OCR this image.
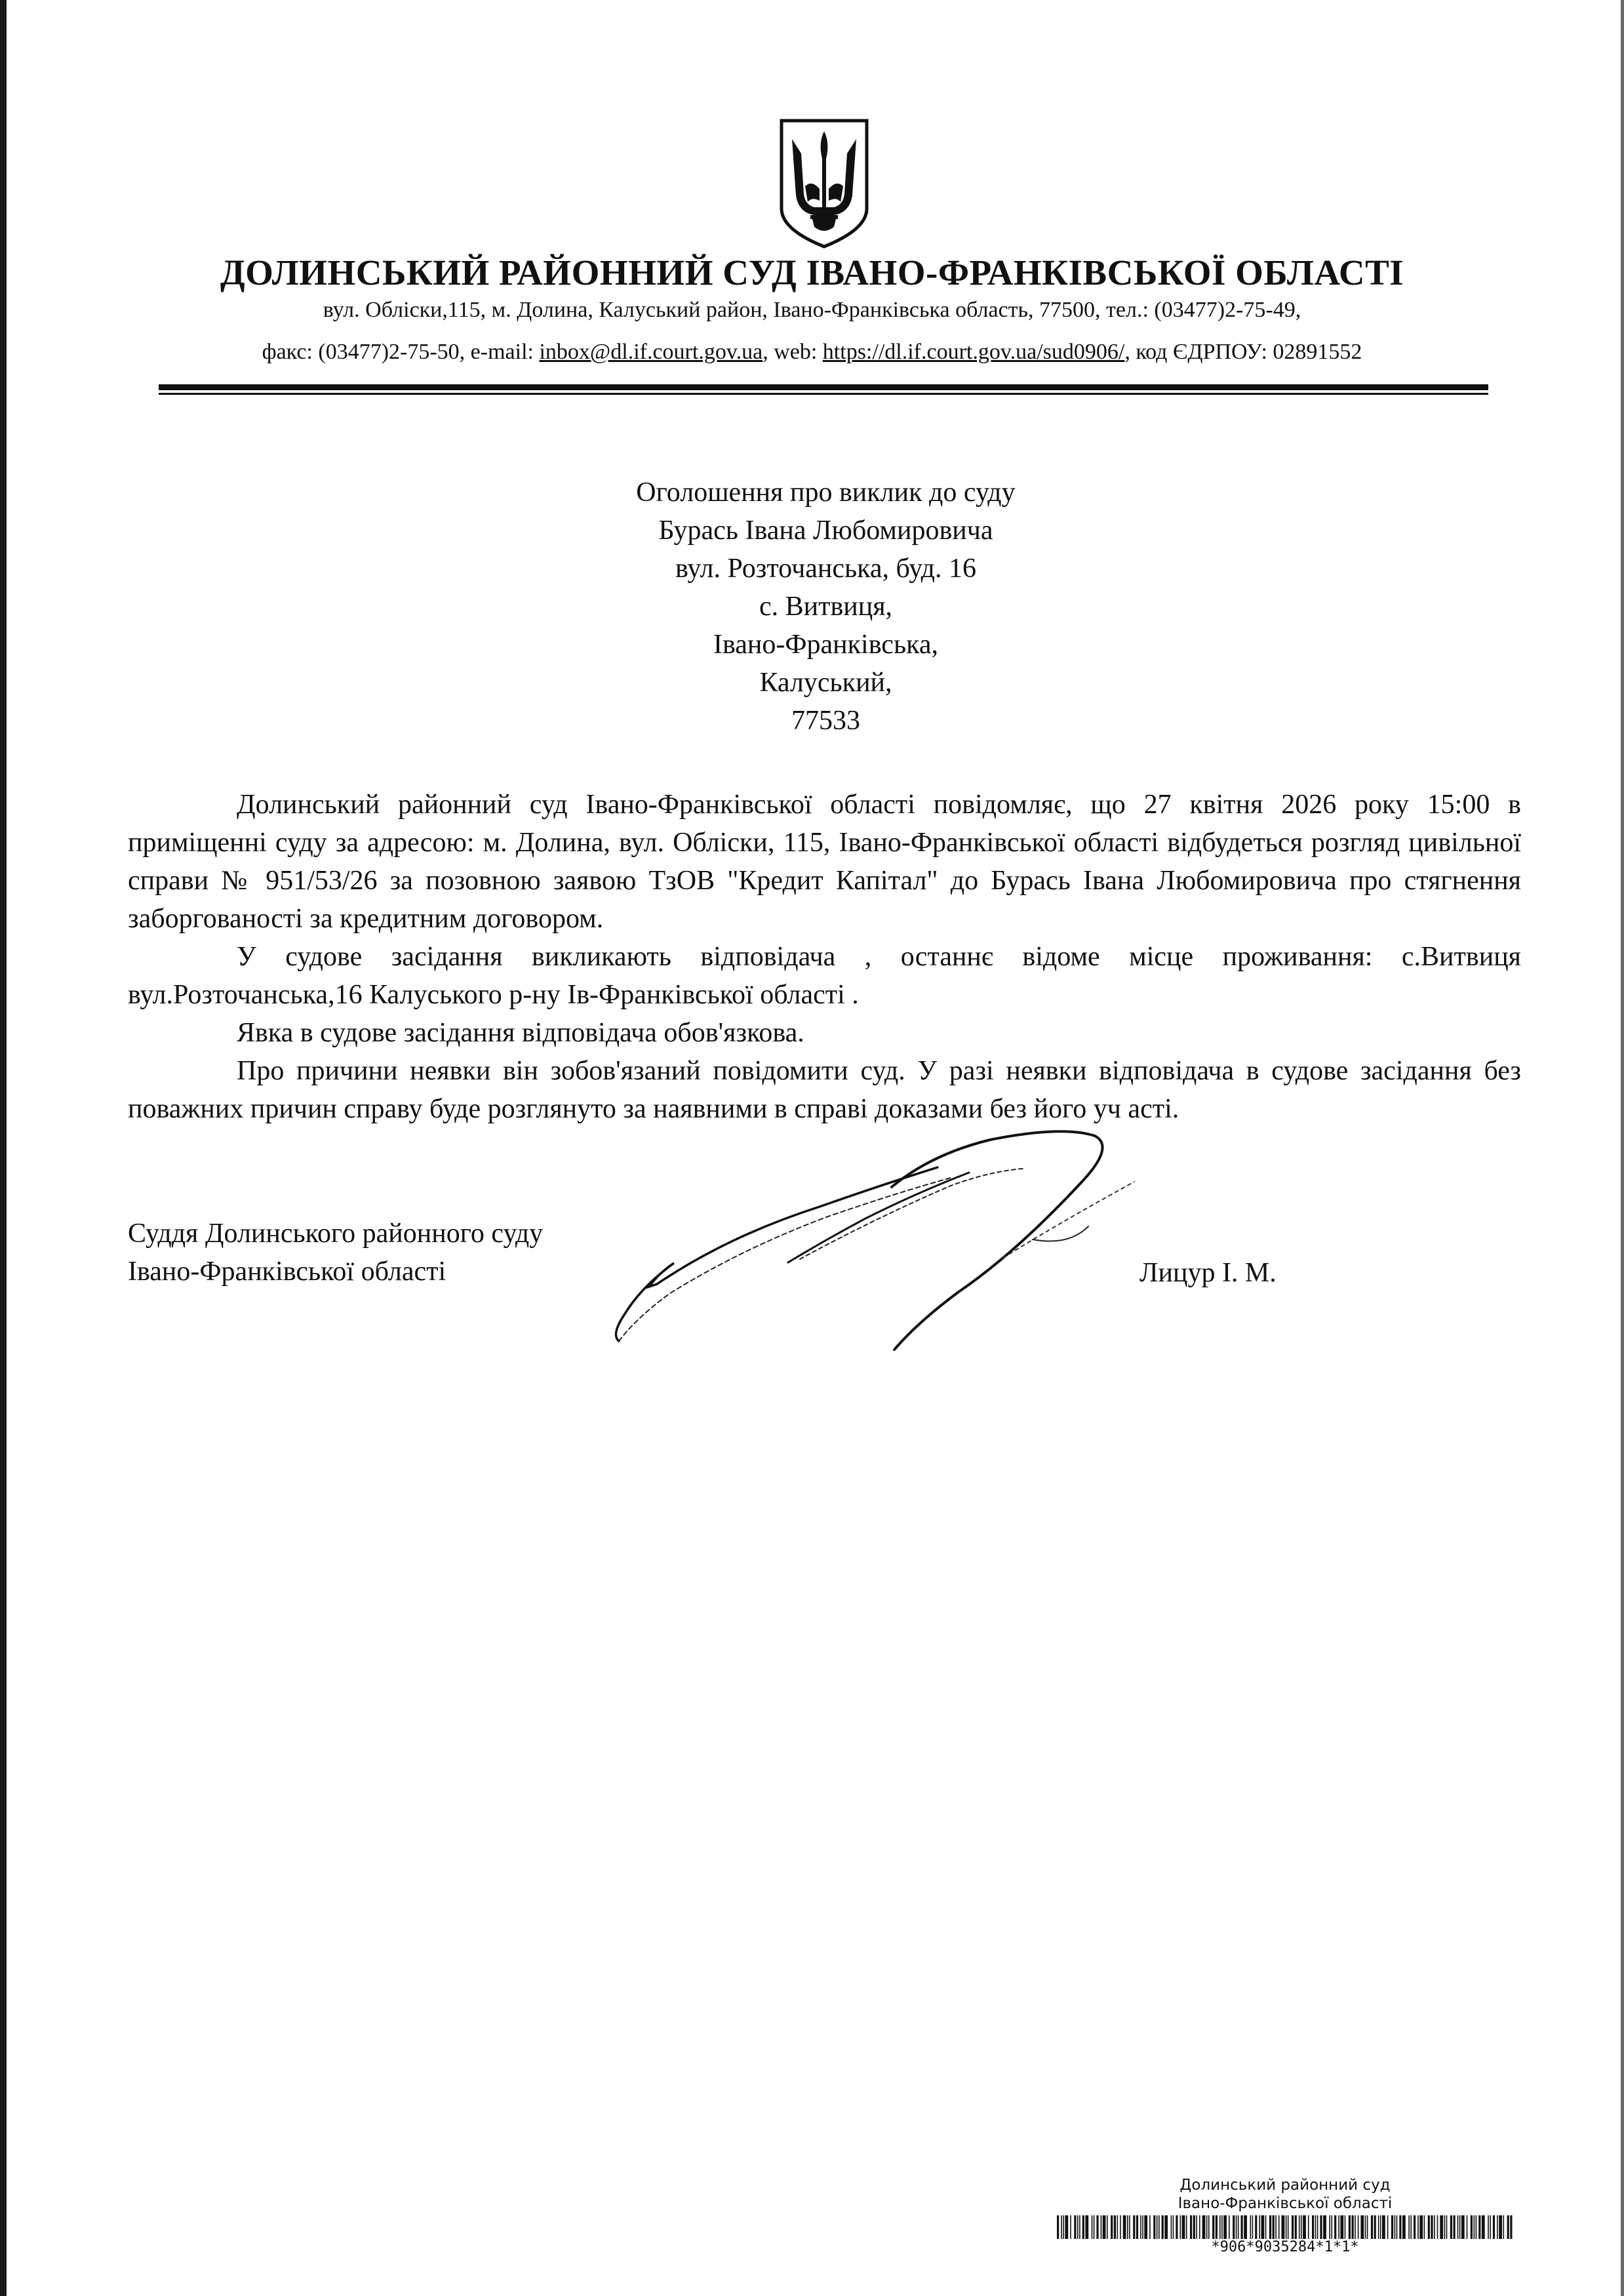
ДОЛИНСЬКИЙ РАЙОННИЙ СУД ІВАНО-ФРАНКІВСЬКОЇ ОБЛАСТІ

вул. Обліски,115, м. Долина, Калуський район, Івано-Франківська область, 77500, тел.: (03477)2-75-49,

факс: (03477)2-75-50, e-mail: inbox@dl.if.court.gov.ua, web: https://dl.if.court.gov.ua/sud0906/, код ЄДРПОУ: 02891552

Оголошення про виклик до суду
Бурась Івана Любомировича
вул. Розточанська, буд. 16
с. Витвиця,
Івано-Франківська,
Калуський,
77533

Долинський районний суд Івано-Франківської області повідомляє, що 27 квітня 2026 року 15:00 в приміщенні суду за адресою: м. Долина, вул. Обліски, 115, Івано-Франківської області відбудеться розгляд цивільної справи № 951/53/26 за позовною заявою ТзОВ "Кредит Капітал" до Бурась Івана Любомировича про стягнення заборгованості за кредитним договором.

У судове засідання викликають відповідача , останнє відоме місце проживання: с.Витвиця вул.Розточанська,16 Калуського р-ну Ів-Франківської області .

Явка в судове засідання відповідача обов'язкова.

Про причини неявки він зобов'язаний повідомити суд. У разі неявки відповідача в судове засідання без поважних причин справу буде розглянуто за наявними в справі доказами без його уч асті.

Суддя Долинського районного суду
Івано-Франківської області	Лицур І. М.
Долинський районний суд
Івано-Франківської області
*906*9035284*1*1*
